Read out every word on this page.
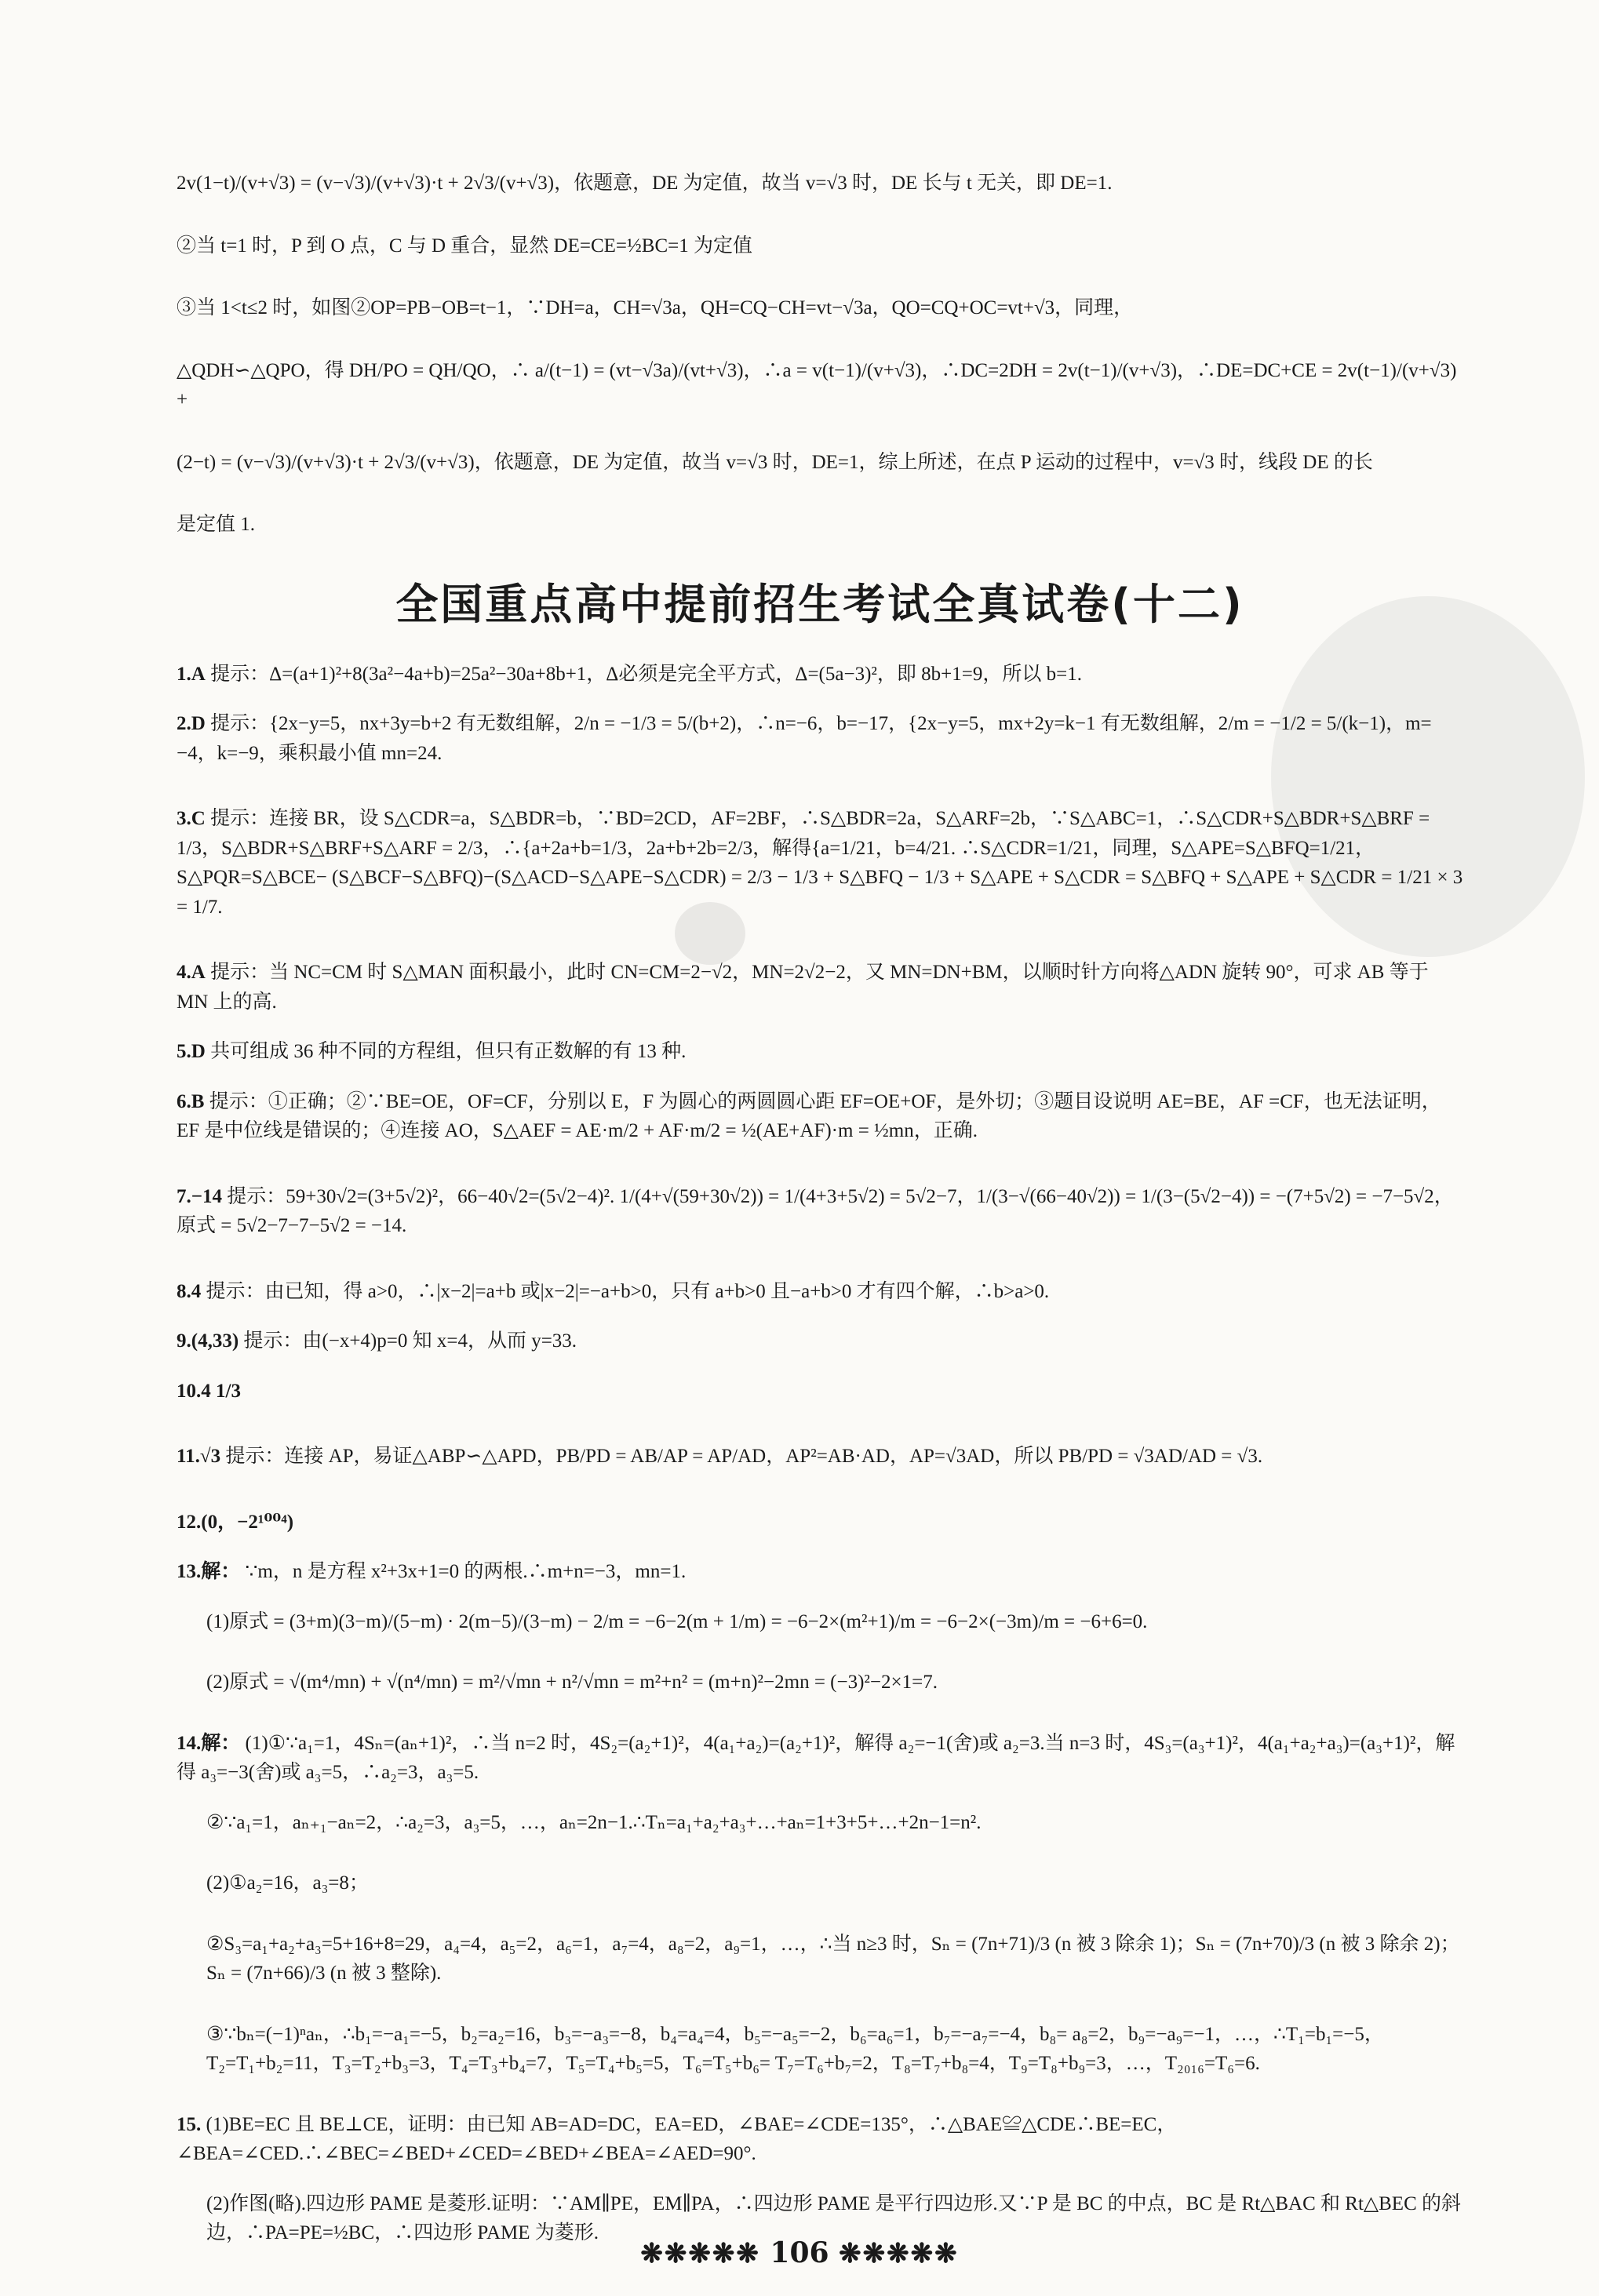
2v(1−t)/(v+√3) = (v−√3)/(v+√3)·t + 2√3/(v+√3)，依题意，DE 为定值，故当 v=√3 时，DE 长与 t 无关，即 DE=1.

②当 t=1 时，P 到 O 点，C 与 D 重合，显然 DE=CE=½BC=1 为定值

③当 1<t≤2 时，如图②OP=PB−OB=t−1，∵DH=a，CH=√3a，QH=CQ−CH=vt−√3a，QO=CQ+OC=vt+√3，同理，

△QDH∽△QPO，得 DH/PO = QH/QO，∴ a/(t−1) = (vt−√3a)/(vt+√3)，∴a = v(t−1)/(v+√3)，∴DC=2DH = 2v(t−1)/(v+√3)，∴DE=DC+CE = 2v(t−1)/(v+√3) +

(2−t) = (v−√3)/(v+√3)·t + 2√3/(v+√3)，依题意，DE 为定值，故当 v=√3 时，DE=1，综上所述，在点 P 运动的过程中，v=√3 时，线段 DE 的长

是定值 1.

全国重点高中提前招生考试全真试卷(十二)

1.A 提示：Δ=(a+1)²+8(3a²−4a+b)=25a²−30a+8b+1，Δ必须是完全平方式，Δ=(5a−3)²，即 8b+1=9，所以 b=1.

2.D 提示：{2x−y=5，nx+3y=b+2 有无数组解，2/n = −1/3 = 5/(b+2)，∴n=−6，b=−17，{2x−y=5，mx+2y=k−1 有无数组解，2/m = −1/2 = 5/(k−1)，m= −4，k=−9，乘积最小值 mn=24.

3.C 提示：连接 BR，设 S△CDR=a，S△BDR=b，∵BD=2CD，AF=2BF，∴S△BDR=2a，S△ARF=2b，∵S△ABC=1，∴S△CDR+S△BDR+S△BRF = 1/3，S△BDR+S△BRF+S△ARF = 2/3，∴{a+2a+b=1/3，2a+b+2b=2/3，解得{a=1/21，b=4/21. ∴S△CDR=1/21，同理，S△APE=S△BFQ=1/21，S△PQR=S△BCE− (S△BCF−S△BFQ)−(S△ACD−S△APE−S△CDR) = 2/3 − 1/3 + S△BFQ − 1/3 + S△APE + S△CDR = S△BFQ + S△APE + S△CDR = 1/21 × 3 = 1/7.

4.A 提示：当 NC=CM 时 S△MAN 面积最小，此时 CN=CM=2−√2，MN=2√2−2，又 MN=DN+BM，以顺时针方向将△ADN 旋转 90°，可求 AB 等于 MN 上的高.

5.D 共可组成 36 种不同的方程组，但只有正数解的有 13 种.

6.B 提示：①正确；②∵BE=OE，OF=CF，分别以 E，F 为圆心的两圆圆心距 EF=OE+OF，是外切；③题目设说明 AE=BE，AF =CF，也无法证明，EF 是中位线是错误的；④连接 AO，S△AEF = AE·m/2 + AF·m/2 = ½(AE+AF)·m = ½mn，正确.

7.−14 提示：59+30√2=(3+5√2)²，66−40√2=(5√2−4)². 1/(4+√(59+30√2)) = 1/(4+3+5√2) = 5√2−7，1/(3−√(66−40√2)) = 1/(3−(5√2−4)) = −(7+5√2) = −7−5√2，原式 = 5√2−7−7−5√2 = −14.

8.4 提示：由已知，得 a>0，∴|x−2|=a+b 或|x−2|=−a+b>0，只有 a+b>0 且−a+b>0 才有四个解，∴b>a>0.

9.(4,33) 提示：由(−x+4)p=0 知 x=4，从而 y=33.

10.4 1/3

11.√3 提示：连接 AP，易证△ABP∽△APD，PB/PD = AB/AP = AP/AD，AP²=AB·AD，AP=√3AD，所以 PB/PD = √3AD/AD = √3.

12.(0，−2¹⁰⁰⁴)

13.解： ∵m，n 是方程 x²+3x+1=0 的两根.∴m+n=−3，mn=1.

(1)原式 = (3+m)(3−m)/(5−m) · 2(m−5)/(3−m) − 2/m = −6−2(m + 1/m) = −6−2×(m²+1)/m = −6−2×(−3m)/m = −6+6=0.

(2)原式 = √(m⁴/mn) + √(n⁴/mn) = m²/√mn + n²/√mn = m²+n² = (m+n)²−2mn = (−3)²−2×1=7.

14.解： (1)①∵a₁=1，4Sₙ=(aₙ+1)²，∴当 n=2 时，4S₂=(a₂+1)²，4(a₁+a₂)=(a₂+1)²，解得 a₂=−1(舍)或 a₂=3.当 n=3 时，4S₃=(a₃+1)²，4(a₁+a₂+a₃)=(a₃+1)²，解得 a₃=−3(舍)或 a₃=5，∴a₂=3，a₃=5.

②∵a₁=1，aₙ₊₁−aₙ=2，∴a₂=3，a₃=5，…，aₙ=2n−1.∴Tₙ=a₁+a₂+a₃+…+aₙ=1+3+5+…+2n−1=n².

(2)①a₂=16，a₃=8；

②S₃=a₁+a₂+a₃=5+16+8=29，a₄=4，a₅=2，a₆=1，a₇=4，a₈=2，a₉=1，…，∴当 n≥3 时，Sₙ = (7n+71)/3 (n 被 3 除余 1)；Sₙ = (7n+70)/3 (n 被 3 除余 2)；Sₙ = (7n+66)/3 (n 被 3 整除).

③∵bₙ=(−1)ⁿaₙ，∴b₁=−a₁=−5，b₂=a₂=16，b₃=−a₃=−8，b₄=a₄=4，b₅=−a₅=−2，b₆=a₆=1，b₇=−a₇=−4，b₈= a₈=2，b₉=−a₉=−1，…，∴T₁=b₁=−5，T₂=T₁+b₂=11，T₃=T₂+b₃=3，T₄=T₃+b₄=7，T₅=T₄+b₅=5，T₆=T₅+b₆= T₇=T₆+b₇=2，T₈=T₇+b₈=4，T₉=T₈+b₉=3，…，T₂₀₁₆=T₆=6.

15. (1)BE=EC 且 BE⊥CE，证明：由已知 AB=AD=DC，EA=ED，∠BAE=∠CDE=135°，∴△BAE≌△CDE∴BE=EC，∠BEA=∠CED.∴∠BEC=∠BED+∠CED=∠BED+∠BEA=∠AED=90°.

(2)作图(略).四边形 PAME 是菱形.证明：∵AM∥PE，EM∥PA，∴四边形 PAME 是平行四边形.又∵P 是 BC 的中点，BC 是 Rt△BAC 和 Rt△BEC 的斜边，∴PA=PE=½BC，∴四边形 PAME 为菱形.

❋❋❋❋❋ 106 ❋❋❋❋❋
